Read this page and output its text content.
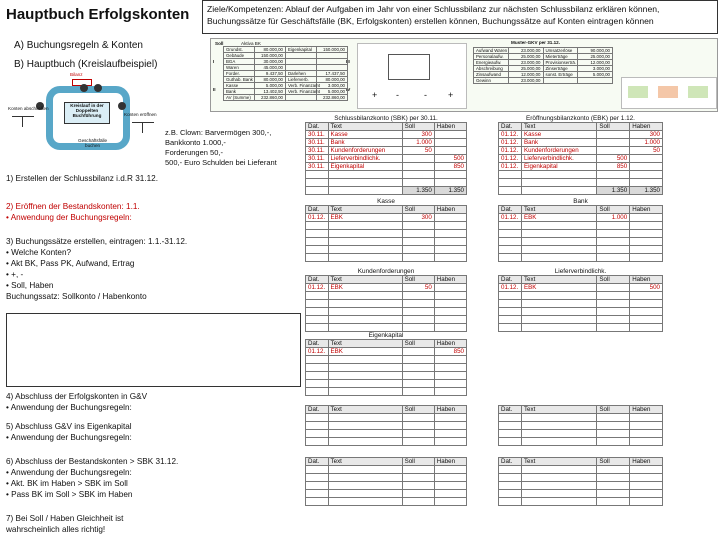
Hauptbuch Erfolgskonten	Ziele/Kompetenzen: Ablauf der Aufgaben im Jahr von einer Schlussbilanz zur nächsten Schlussbilanz erklären können, Buchungssätze für Geschäftsfälle (BK, Erfolgskonten) erstellen können, Buchungssätze auf Konten eintragen können
A) Buchungsregeln & Konten
B) Hauptbuch (Kreislaufbeispiel)
Bilanz
Kreislauf in der
Doppelten Buchführung
Konten abschließen
Konten eröffnen
Geschäftsfälle
buchen
z.B. Clown: Barvermögen 300,-,
Bankkonto 1.000,-
Forderungen 50,-
500,- Euro Schulden bei Lieferant
1) Erstellen der Schlussbilanz i.d.R 31.12.
2) Eröffnen der Bestandskonten: 1.1.
• Anwendung der Buchungsregeln:
3) Buchungssätze erstellen, eintragen: 1.1.-31.12.
• Welche Konten?
• Akt BK, Pass PK, Aufwand, Ertrag
• +, -
• Soll, Haben
Buchungssatz: Sollkonto / Habenkonto
4) Abschluss der Erfolgskonten in G&V
• Anwendung der Buchungsregeln:
5) Abschluss G&V ins Eigenkapital
• Anwendung der Buchungsregeln:
6) Abschluss der Bestandskonten > SBK 31.12.
• Anwendung der Buchungsregeln:
• Akt. BK im Haben > SBK im Soll
• Pass BK im Soll > SBK im Haben
7) Bei Soll / Haben Gleichheit ist
wahrscheinlich alles richtig!
Soll	Aktiva BK
I
II
III
IV
Grundst.	80.000,00	Eigenkapital	150.000,00
Gebäude	150.000,00		
BGA	30.000,00		
Waren	45.000,00		
Forder.	9.437,50	Darlehen	17.437,50
Guthab. Bank	80.000,00	Lieferverb.	80.000,00
Kasse	5.000,00	Verb. Finanzamt	3.000,00
Bank	13.402,50	Verb. Finanzamt	5.000,00
AV (Summe)	232.860,00		232.860,00	+ -	- +
Muster-GKV per 31.12.
Aufwand Waren	23.000,00	Umsatzerlöse	90.000,00
Personalaufw.	25.000,00	Mieterträge	25.000,00
Energieaufw.	23.000,00	Provisionserträ.	12.000,00
Abschreibung	25.000,00	Zinserträge	3.000,00
Zinsaufwand	12.000,00	sonst. Erträge	5.000,00
Gewinn	23.000,00		
Schlussbilanzkonto (SBK) per 30.11.			
Dat.	Text	Soll	Haben
30.11.	Kasse	300	
30.11.	Bank	1.000	
30.11.	Kundenforderungen	50	
30.11.	Lieferverbindlichk.		500
30.11.	Eigenkapital		850

		1.350	1.350
Eröffnungsbilanzkonto (EBK) per 1.12.			
Dat.	Text	Soll	Haben
01.12.	Kasse		300
01.12.	Bank		1.000
01.12.	Kundenforderungen		50
01.12.	Lieferverbindlichk.	500	
01.12.	Eigenkapital	850	

		1.350	1.350
Kasse			
Dat.	Text	Soll	Haben
01.12.	EBK	300	

Bank			
Dat.	Text	Soll	Haben
01.12.	EBK	1.000	

Kundenforderungen			
Dat.	Text	Soll	Haben
01.12.	EBK	50	

Lieferverbindlichk.			
Dat.	Text	Soll	Haben
01.12.	EBK		500

Eigenkapital			
Dat.	Text	Soll	Haben
01.12.	EBK		850

Dat.	Text	Soll	Haben

				Dat.	Text	Soll	Haben

Dat.	Text	Soll	Haben

				Dat.	Text	Soll	Haben
